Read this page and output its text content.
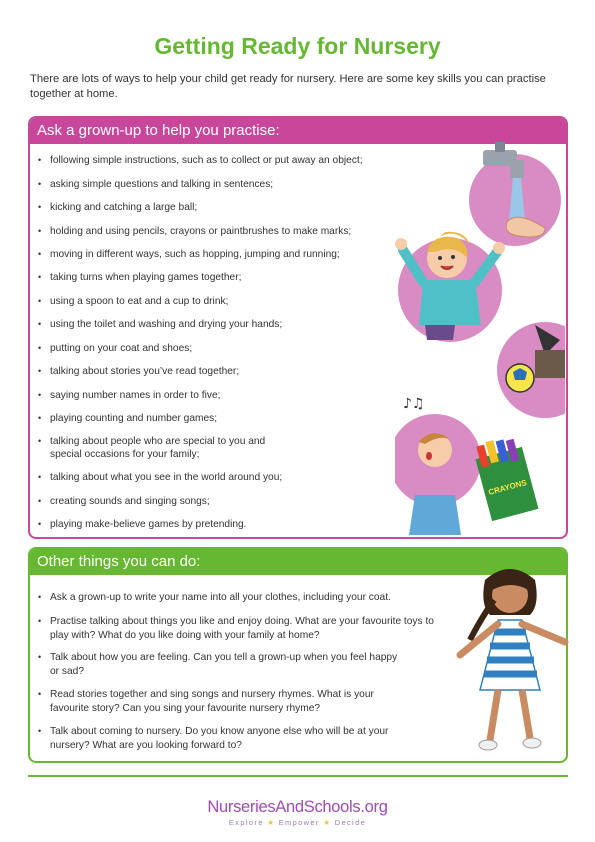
Getting Ready for Nursery
There are lots of ways to help your child get ready for nursery. Here are some key skills you can practise together at home.
Ask a grown-up to help you practise:
• following simple instructions, such as to collect or put away an object;
• asking simple questions and talking in sentences;
• kicking and catching a large ball;
• holding and using pencils, crayons or paintbrushes to make marks;
• moving in different ways, such as hopping, jumping and running;
• taking turns when playing games together;
• using a spoon to eat and a cup to drink;
• using the toilet and washing and drying your hands;
• putting on your coat and shoes;
• talking about stories you’ve read together;
• saying number names in order to five;
• playing counting and number games;
• talking about people who are special to you and special occasions for your family;
• talking about what you see in the world around you;
• creating sounds and singing songs;
• playing make-believe games by pretending.
♪♫
CRAYONS
Other things you can do:
• Ask a grown-up to write your name into all your clothes, including your coat.
• Practise talking about things you like and enjoy doing. What are your favourite toys to play with? What do you like doing with your family at home?
• Talk about how you are feeling. Can you tell a grown-up when you feel happy or sad?
• Read stories together and sing songs and nursery rhymes. What is your favourite story? Can you sing your favourite nursery rhyme?
• Talk about coming to nursery. Do you know anyone else who will be at your nursery? What are you looking forward to?
NurseriesAndSchools.org
Explore ★ Empower ★ Decide
